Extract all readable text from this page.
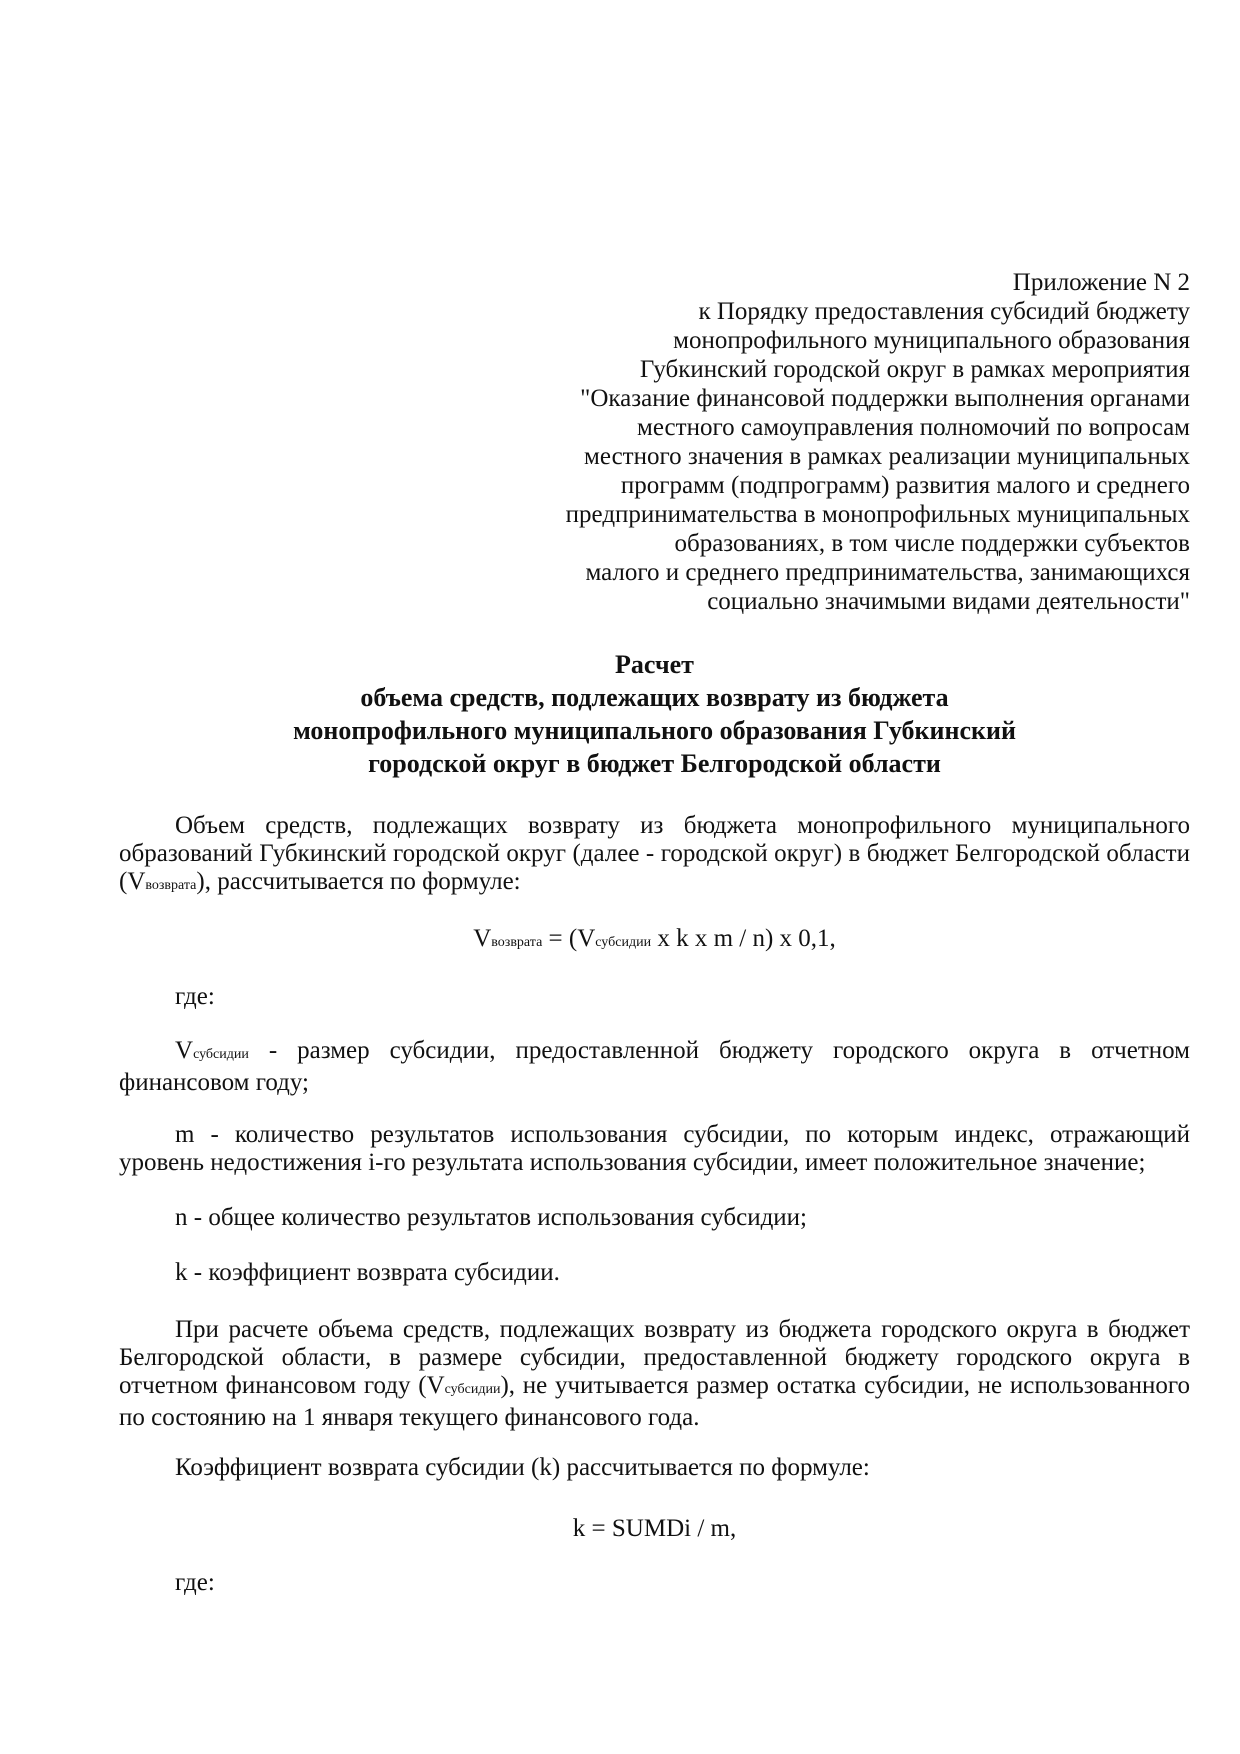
Приложение N 2
к Порядку предоставления субсидий бюджету
монопрофильного муниципального образования
Губкинский городской округ в рамках мероприятия
"Оказание финансовой поддержки выполнения органами
местного самоуправления полномочий по вопросам
местного значения в рамках реализации муниципальных
программ (подпрограмм) развития малого и среднего
предпринимательства в монопрофильных муниципальных
образованиях, в том числе поддержки субъектов
малого и среднего предпринимательства, занимающихся
социально значимыми видами деятельности"
Расчет
объема средств, подлежащих возврату из бюджета
монопрофильного муниципального образования Губкинский
городской округ в бюджет Белгородской области
Объем средств, подлежащих возврату из бюджета монопрофильного муниципального образований Губкинский городской округ (далее - городской округ) в бюджет Белгородской области (Vвозврата), рассчитывается по формуле:
Vвозврата = (Vсубсидии x k x m / n) x 0,1,
где:
Vсубсидии - размер субсидии, предоставленной бюджету городского округа в отчетном финансовом году;
m - количество результатов использования субсидии, по которым индекс, отражающий уровень недостижения i-го результата использования субсидии, имеет положительное значение;
n - общее количество результатов использования субсидии;
k - коэффициент возврата субсидии.
При расчете объема средств, подлежащих возврату из бюджета городского округа в бюджет Белгородской области, в размере субсидии, предоставленной бюджету городского округа в отчетном финансовом году (Vсубсидии), не учитывается размер остатка субсидии, не использованного по состоянию на 1 января текущего финансового года.
Коэффициент возврата субсидии (k) рассчитывается по формуле:
k = SUMDi / m,
где:
